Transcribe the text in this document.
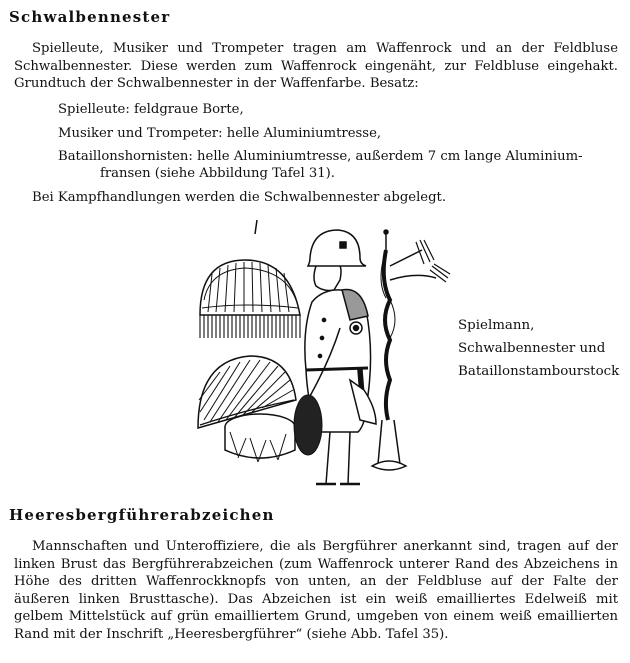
Schwalbennester
Spielleute, Musiker und Trompeter tragen am Waffenrock und an der Feldbluse Schwalbennester. Diese werden zum Waffenrock eingenäht, zur Feldbluse eingehakt. Grundtuch der Schwalbennester in der Waffenfarbe. Besatz:
Spielleute: feldgraue Borte,
Musiker und Trompeter: helle Aluminiumtresse,
Bataillonshornisten: helle Aluminiumtresse, außerdem 7 cm lange Aluminium-
fransen (siehe Abbildung Tafel 31).
Bei Kampfhandlungen werden die Schwalbennester abgelegt.
Spielmann,
Schwalbennester und
Bataillonstambourstock
Heeresbergführerabzeichen
Mannschaften und Unteroffiziere, die als Bergführer anerkannt sind, tragen auf der linken Brust das Bergführerabzeichen (zum Waffenrock unterer Rand des Abzeichens in Höhe des dritten Waffenrockknopfs von unten, an der Feldbluse auf der Falte der äußeren linken Brusttasche). Das Abzeichen ist ein weiß emailliertes Edelweiß mit gelbem Mittelstück auf grün emailliertem Grund, umgeben von einem weiß emaillierten Rand mit der Inschrift „Heeresbergführer“ (siehe Abb. Tafel 35).
